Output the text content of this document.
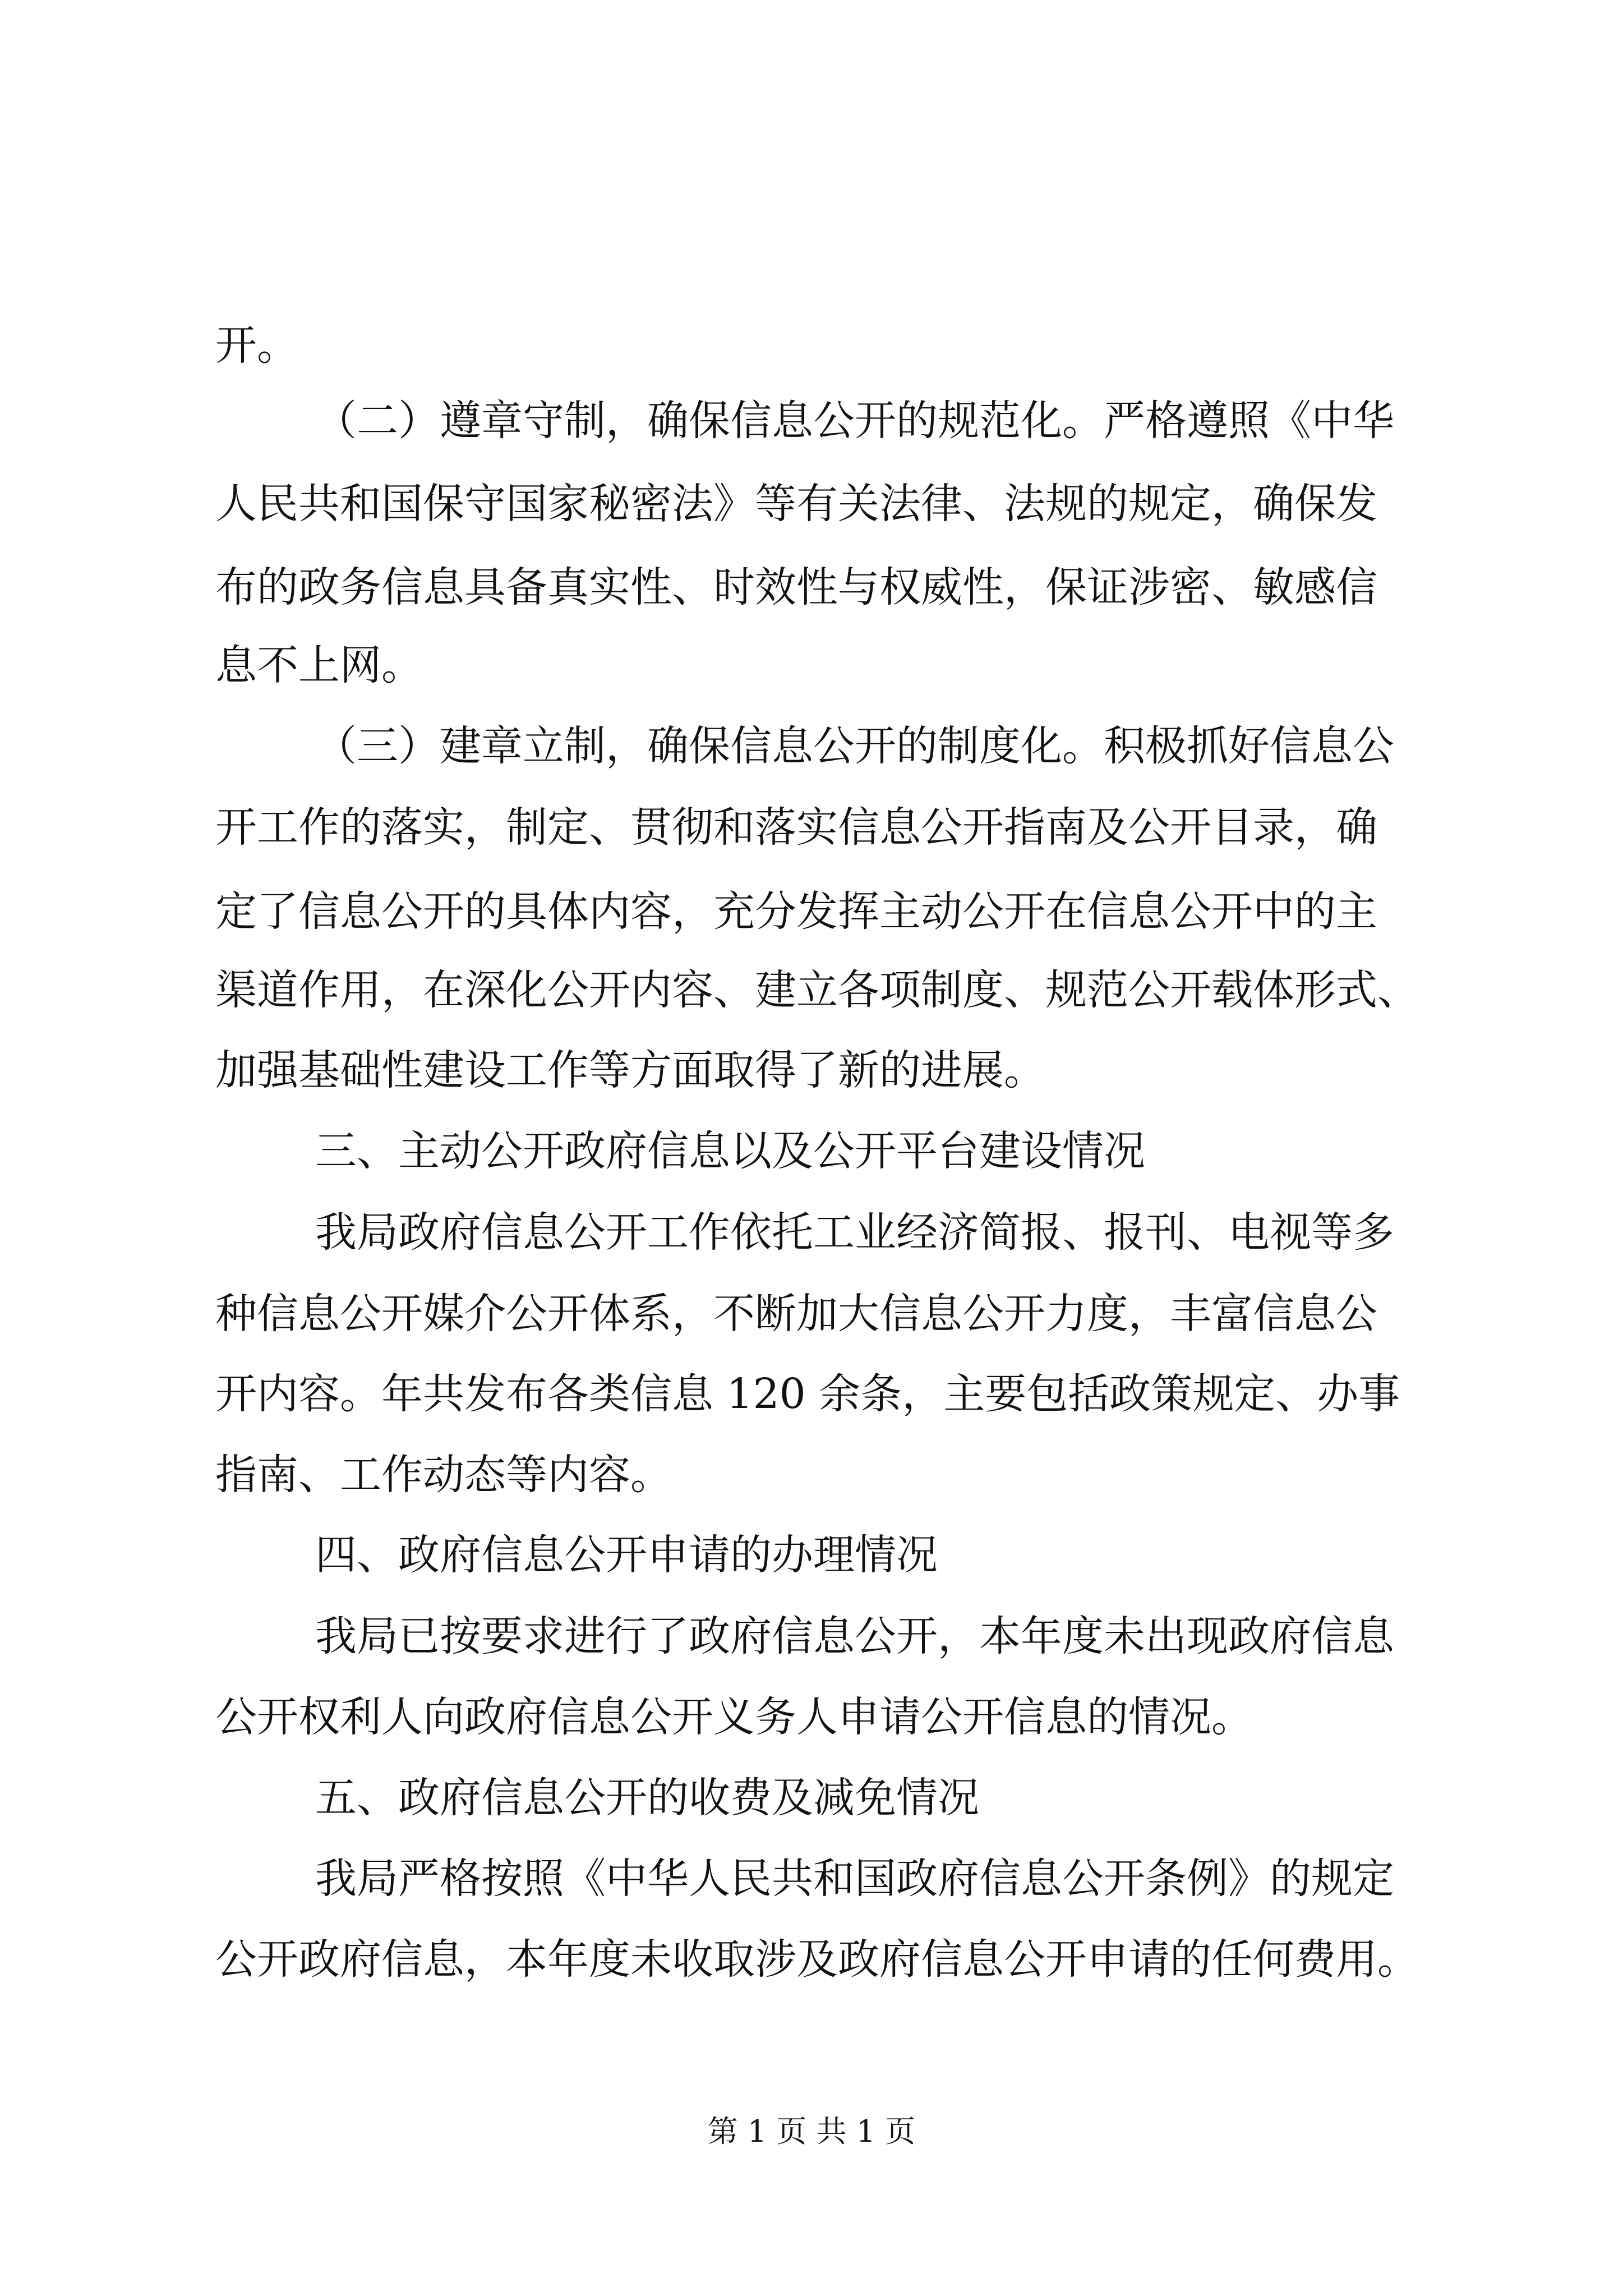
开。

（二）遵章守制，确保信息公开的规范化。严格遵照《中华

人民共和国保守国家秘密法》等有关法律、法规的规定，确保发

布的政务信息具备真实性、时效性与权威性，保证涉密、敏感信

息不上网。

（三）建章立制，确保信息公开的制度化。积极抓好信息公

开工作的落实，制定、贯彻和落实信息公开指南及公开目录，确

定了信息公开的具体内容，充分发挥主动公开在信息公开中的主

渠道作用，在深化公开内容、建立各项制度、规范公开载体形式、

加强基础性建设工作等方面取得了新的进展。

三、主动公开政府信息以及公开平台建设情况

我局政府信息公开工作依托工业经济简报、报刊、电视等多

种信息公开媒介公开体系，不断加大信息公开力度，丰富信息公

开内容。年共发布各类信息 120 余条，主要包括政策规定、办事

指南、工作动态等内容。

四、政府信息公开申请的办理情况

我局已按要求进行了政府信息公开，本年度未出现政府信息

公开权利人向政府信息公开义务人申请公开信息的情况。

五、政府信息公开的收费及减免情况

我局严格按照《中华人民共和国政府信息公开条例》的规定

公开政府信息，本年度未收取涉及政府信息公开申请的任何费用。

第 1 页 共 1 页
